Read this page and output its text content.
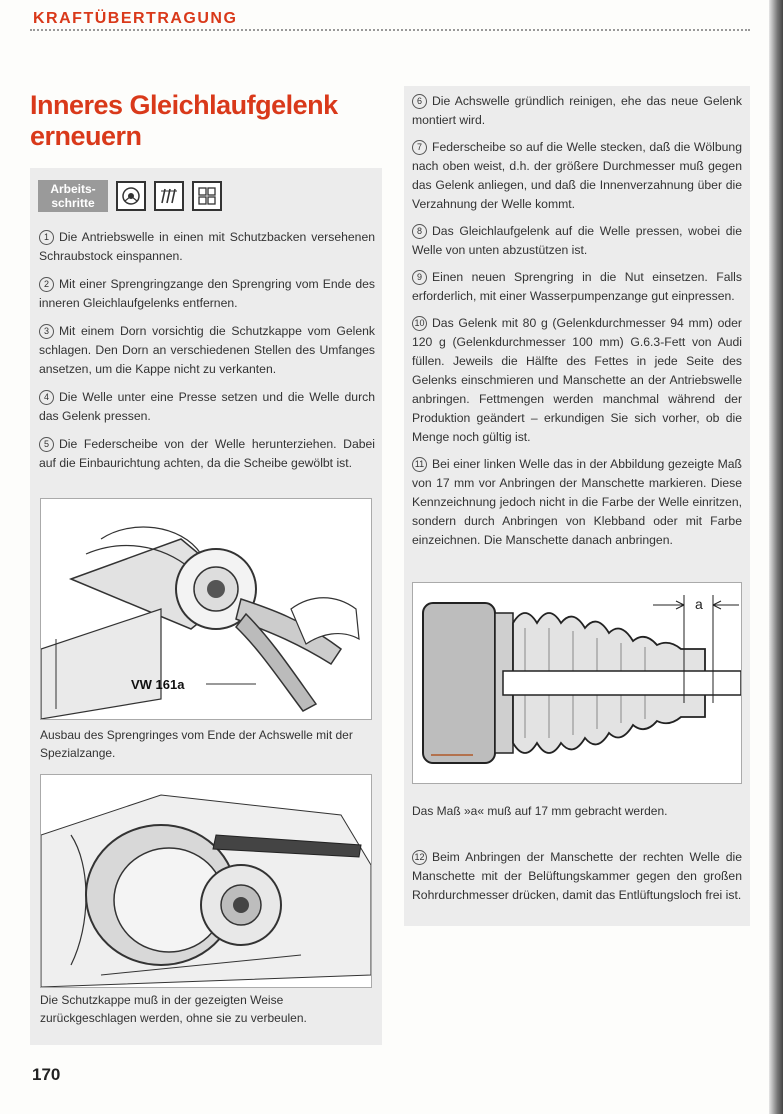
KRAFTÜBERTRAGUNG
Inneres Gleichlaufgelenk erneuern
Arbeits-schritte

1 Die Antriebswelle in einen mit Schutzbacken versehenen Schraubstock einspannen.

2 Mit einer Sprengringzange den Sprengring vom Ende des inneren Gleichlaufgelenks entfernen.

3 Mit einem Dorn vorsichtig die Schutzkappe vom Gelenk schlagen. Den Dorn an verschiedenen Stellen des Umfanges ansetzen, um die Kappe nicht zu verkanten.

4 Die Welle unter eine Presse setzen und die Welle durch das Gelenk pressen.

5 Die Federscheibe von der Welle herunterziehen. Dabei auf die Einbaurichtung achten, da die Scheibe gewölbt ist.

VW 161a

Ausbau des Sprengringes vom Ende der Achswelle mit der Spezialzange.

Die Schutzkappe muß in der gezeigten Weise zurückgeschlagen werden, ohne sie zu verbeulen.

6 Die Achswelle gründlich reinigen, ehe das neue Gelenk montiert wird.

7 Federscheibe so auf die Welle stecken, daß die Wölbung nach oben weist, d.h. der größere Durchmesser muß gegen das Gelenk anliegen, und daß die Innenverzahnung über die Verzahnung der Welle kommt.

8 Das Gleichlaufgelenk auf die Welle pressen, wobei die Welle von unten abzustützen ist.

9 Einen neuen Sprengring in die Nut einsetzen. Falls erforderlich, mit einer Wasserpumpenzange gut einpressen.

10 Das Gelenk mit 80 g (Gelenkdurchmesser 94 mm) oder 120 g (Gelenkdurchmesser 100 mm) G.6.3-Fett von Audi füllen. Jeweils die Hälfte des Fettes in jede Seite des Gelenks einschmieren und Manschette an der Antriebswelle anbringen. Fettmengen werden manchmal während der Produktion geändert – erkundigen Sie sich vorher, ob die Menge noch gültig ist.

11 Bei einer linken Welle das in der Abbildung gezeigte Maß von 17 mm vor Anbringen der Manschette markieren. Diese Kennzeichnung jedoch nicht in die Farbe der Welle einritzen, sondern durch Anbringen von Klebband oder mit Farbe einzeichnen. Die Manschette danach anbringen.

a

Das Maß »a« muß auf 17 mm gebracht werden.

12 Beim Anbringen der Manschette der rechten Welle die Manschette mit der Belüftungskammer gegen den großen Rohrdurchmesser drücken, damit das Entlüftungsloch frei ist.

170
